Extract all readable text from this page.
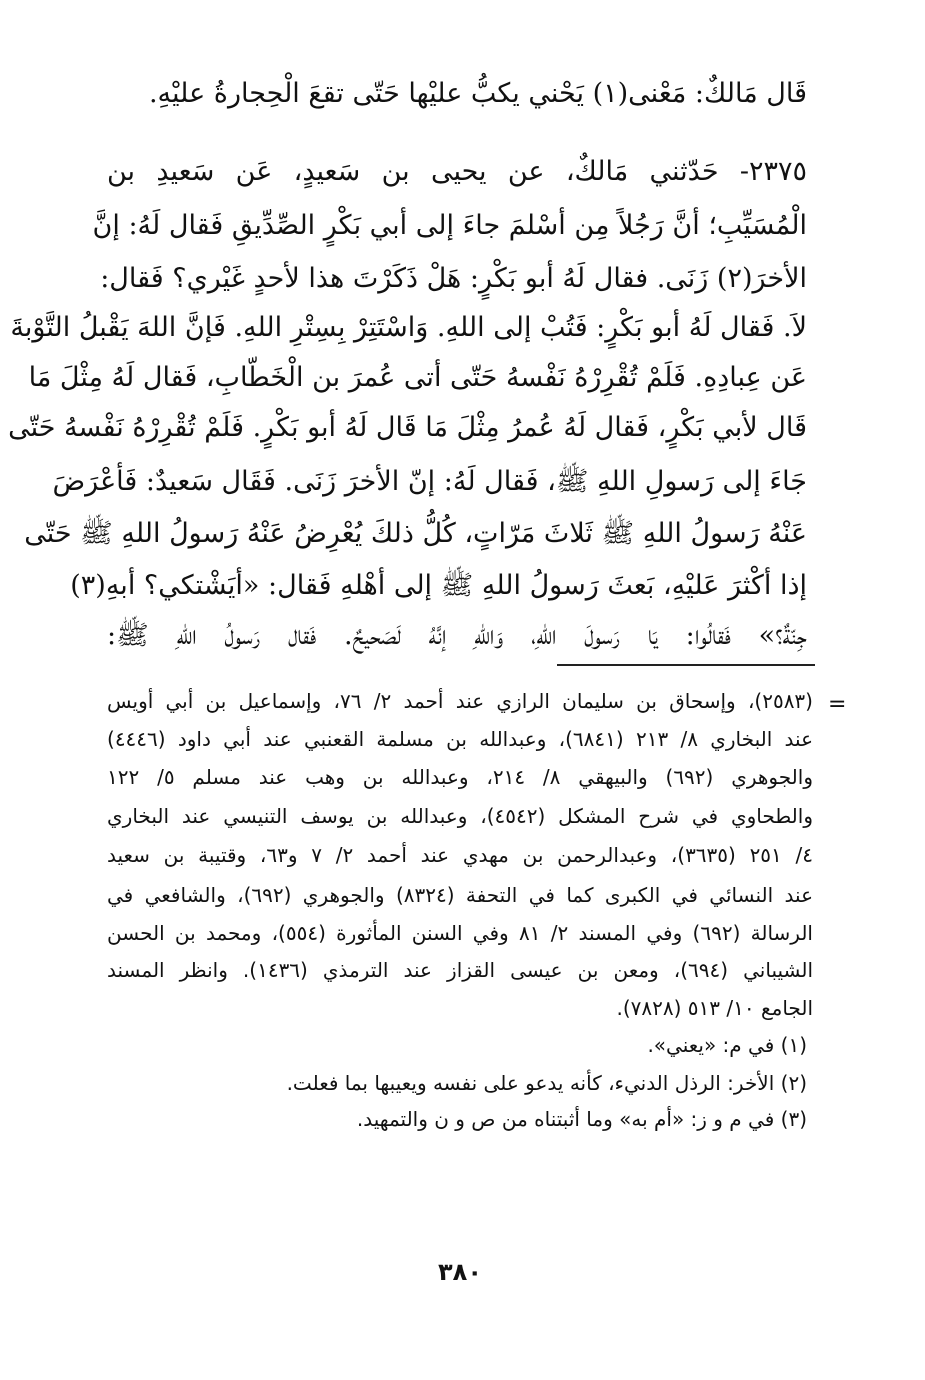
قَال مَالكٌ: مَعْنى(١) يَحْني يكبُّ عليْها حَتّى تقعَ الْحِجارةُ عليْهِ.
٢٣٧٥- حَدّثني مَالكٌ، عن يحيى بن سَعيدٍ، عَن سَعيدِ بن
الْمُسَيِّبِ؛ أنَّ رَجُلاً مِن أسْلمَ جاءَ إلى أبي بَكْرٍ الصِّدِّيقِ فَقال لَهُ: إنَّ
الأخرَ(٢) زَنَى. فقال لَهُ أبو بَكْرٍ: هَلْ ذَكَرْتَ هذا لأحدٍ غَيْري؟ فَقال:
لاَ. فَقال لَهُ أبو بَكْرٍ: فَتُبْ إلى اللهِ. وَاسْتَتِرْ بِسِتْرِ اللهِ. فَإنَّ اللهَ يَقْبلُ التَّوْبةَ
عَن عِبادِهِ. فَلَمْ تُقْرِرْهُ نَفْسهُ حَتّى أتى عُمرَ بن الْخَطّابِ، فَقال لَهُ مِثْلَ مَا
قَال لأبي بَكْرٍ، فَقال لَهُ عُمرُ مِثْلَ مَا قَال لَهُ أبو بَكْرٍ. فَلَمْ تُقْرِرْهُ نَفْسهُ حَتّى
جَاءَ إلى رَسولِ اللهِ ﷺ، فَقال لَهُ: إنّ الأخرَ زَنَى. فَقَال سَعيدٌ: فَأعْرَضَ
عَنْهُ رَسولُ اللهِ ﷺ ثَلاثَ مَرّاتٍ، كُلُّ ذلكَ يُعْرِضُ عَنْهُ رَسولُ اللهِ ﷺ حَتّى
إذا أكْثرَ عَليْهِ، بَعثَ رَسولُ اللهِ ﷺ إلى أهْلهِ فَقال: «أيَشْتكي؟ أبهِ(٣)
جِنّةٌ؟» فَقالُوا: يَا رَسولَ اللهِ، وَاللهِ إنَّهُ لَصَحيحٌ. فَقال رَسولُ اللهِ ﷺ:
=
(٢٥٨٣)، وإسحاق بن سليمان الرازي عند أحمد ٢/ ٧٦، وإسماعيل بن أبي أويس
عند البخاري ٨/ ٢١٣ (٦٨٤١)، وعبدالله بن مسلمة القعنبي عند أبي داود (٤٤٤٦)
والجوهري (٦٩٢) والبيهقي ٨/ ٢١٤، وعبدالله بن وهب عند مسلم ٥/ ١٢٢
والطحاوي في شرح المشكل (٤٥٤٢)، وعبدالله بن يوسف التنيسي عند البخاري
٤/ ٢٥١ (٣٦٣٥)، وعبدالرحمن بن مهدي عند أحمد ٢/ ٧ و٦٣، وقتيبة بن سعيد
عند النسائي في الكبرى كما في التحفة (٨٣٢٤) والجوهري (٦٩٢)، والشافعي في
الرسالة (٦٩٢) وفي المسند ٢/ ٨١ وفي السنن المأثورة (٥٥٤)، ومحمد بن الحسن
الشيباني (٦٩٤)، ومعن بن عيسى القزاز عند الترمذي (١٤٣٦). وانظر المسند
الجامع ١٠/ ٥١٣ (٧٨٢٨).
(١) في م: «يعني».
(٢) الأخر: الرذل الدنيء، كأنه يدعو على نفسه ويعيبها بما فعلت.
(٣) في م و ز: «أم به» وما أثبتناه من ص و ن والتمهيد.
٣٨٠
